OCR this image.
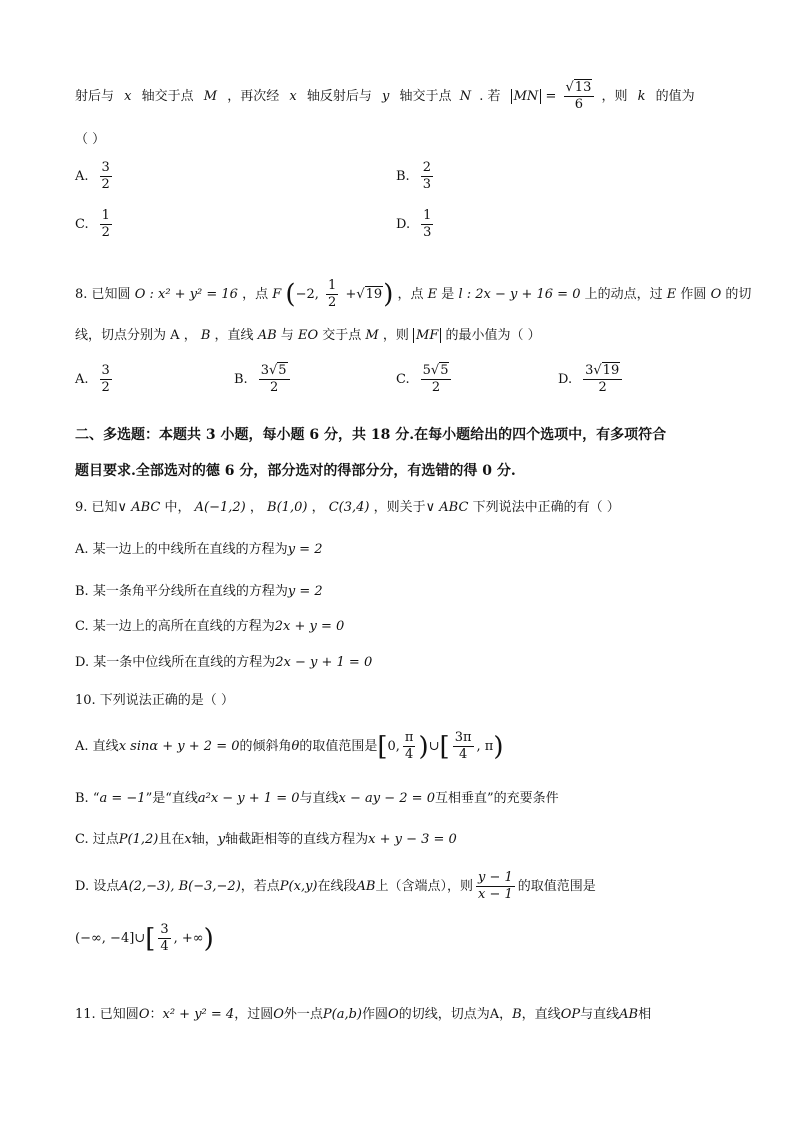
射后与 x 轴交于点 M ，再次经 x 轴反射后与 y 轴交于点 N . 若 MN = $\frac{√13}{6}$ ，则 k 的值为
（ ）
A. $\frac{3}{2}$	B. $\frac{2}{3}$
C. $\frac{1}{2}$	D. $\frac{1}{3}$
8. 已知圆 O : x² + y² = 16 ，点 F (−2, $\frac{1}{2} +√19$) ，点 E 是 l : 2x − y + 16 = 0 上的动点，过 E 作圆 O 的切
线，切点分别为 A ， B ，直线 AB 与 EO 交于点 M ，则 MF 的最小值为（ ）
A. $\frac{3}{2}$	B. $\frac{3√5}{2}$	C. $\frac{5√5}{2}$	D. $\frac{3√19}{2}$
二、多选题：本题共 3 小题，每小题 6 分，共 18 分.在每小题给出的四个选项中，有多项符合
题目要求.全部选对的德 6 分，部分选对的得部分分，有选错的得 0 分.
9. 已知∨ ABC 中， A(−1,2) ， B(1,0) ， C(3,4) ，则关于∨ ABC 下列说法中正确的有（ ）
A. 某一边上的中线所在直线的方程为y = 2
B. 某一条角平分线所在直线的方程为y = 2
C. 某一边上的高所在直线的方程为2x + y = 0
D. 某一条中位线所在直线的方程为2x − y + 1 = 0
10. 下列说法正确的是（ ）
A.
直线 x sinα + y + 2 = 0 的倾斜角 θ 的取值范围是 [ 0, $\frac{\pi}{4}$ ) ∪ [ $\frac{3\pi}{4}$ , π )
B. “a = −1”是“直线a²x − y + 1 = 0与直线x − ay − 2 = 0互相垂直”的充要条件
C. 过点P(1,2)且在x轴，y轴截距相等的直线方程为x + y − 3 = 0
D.
设点 A(2,−3), B(−3,−2) ，若点 P(x,y) 在线段 AB 上（含端点），则 $\frac{y - 1}{x - 1}$ 的取值范围是
(−∞, −4] ∪ [ $\frac{3}{4}$ , +∞ )
11. 已知圆O：x² + y² = 4，过圆O外一点P(a,b)作圆O的切线，切点为A，B，直线OP与直线AB相
